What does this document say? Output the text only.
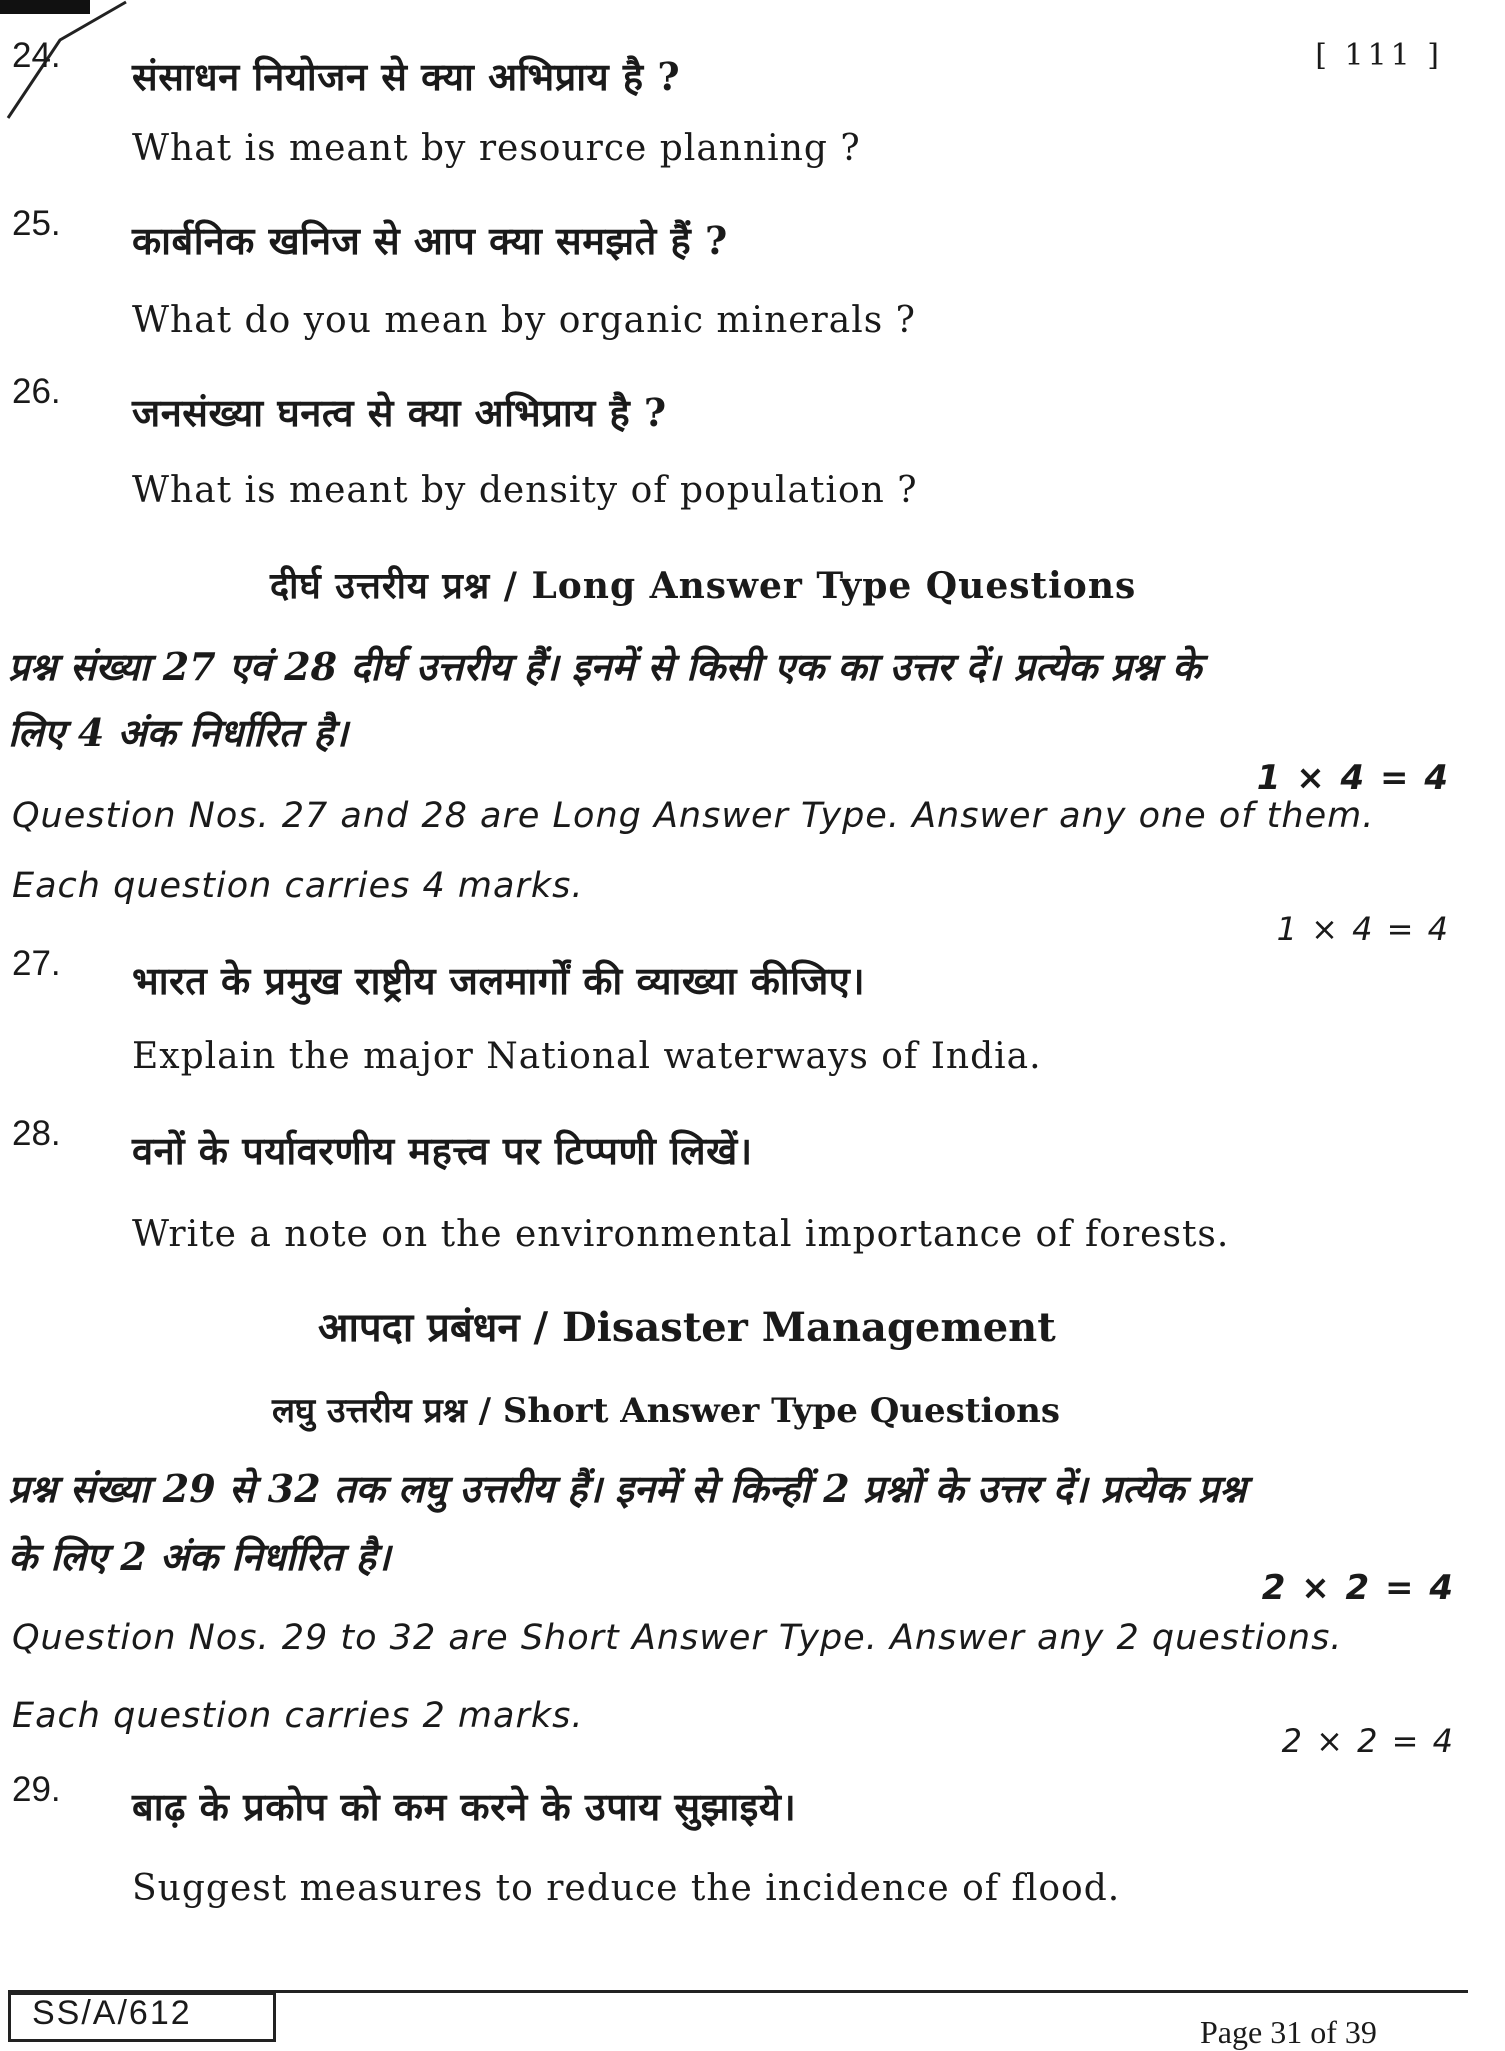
[ 111 ]
24. संसाधन नियोजन से क्या अभिप्राय है ?
What is meant by resource planning ?
25. कार्बनिक खनिज से आप क्या समझते हैं ?
What do you mean by organic minerals ?
26. जनसंख्या घनत्व से क्या अभिप्राय है ?
What is meant by density of population ?
दीर्घ उत्तरीय प्रश्न / Long Answer Type Questions
प्रश्न संख्या 27 एवं 28 दीर्घ उत्तरीय हैं। इनमें से किसी एक का उत्तर दें। प्रत्येक प्रश्न के
लिए 4 अंक निर्धारित है।
1 × 4 = 4
Question Nos. 27 and 28 are Long Answer Type. Answer any one of them.
Each question carries 4 marks.
1 × 4 = 4
27. भारत के प्रमुख राष्ट्रीय जलमार्गों की व्याख्या कीजिए।
Explain the major National waterways of India.
28. वनों के पर्यावरणीय महत्त्व पर टिप्पणी लिखें।
Write a note on the environmental importance of forests.
आपदा प्रबंधन / Disaster Management
लघु उत्तरीय प्रश्न / Short Answer Type Questions
प्रश्न संख्या 29 से 32 तक लघु उत्तरीय हैं। इनमें से किन्हीं 2 प्रश्नों के उत्तर दें। प्रत्येक प्रश्न
के लिए 2 अंक निर्धारित है।
2 × 2 = 4
Question Nos. 29 to 32 are Short Answer Type. Answer any 2 questions.
Each question carries 2 marks.
2 × 2 = 4
29. बाढ़ के प्रकोप को कम करने के उपाय सुझाइये।
Suggest measures to reduce the incidence of flood.
SS/A/612	Page 31 of 39
